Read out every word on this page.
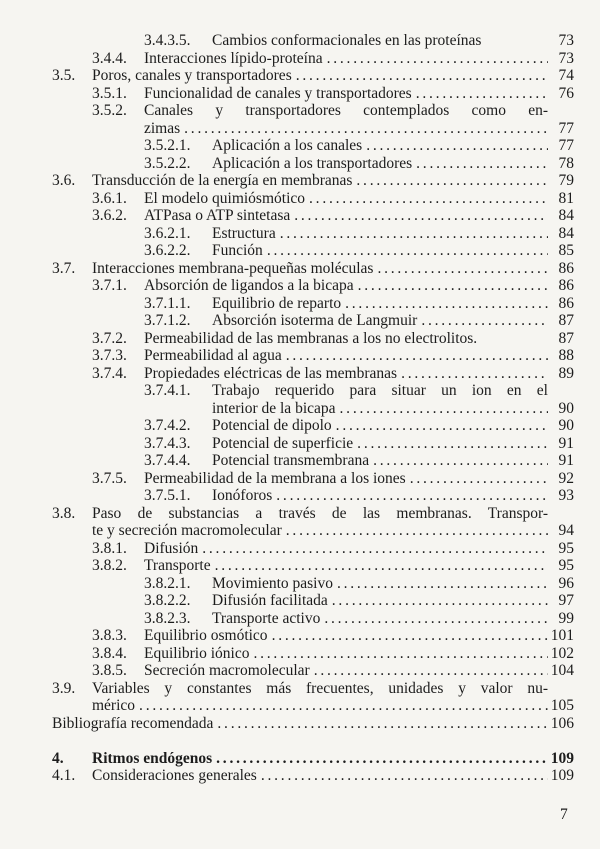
3.4.3.5. Cambios conformacionales en las proteínas	73
3.4.4. Interacciones lípido-proteína . . .	73
3.5. Poros, canales y transportadores . . .	74
3.5.1. Funcionalidad de canales y transportadores . . .	76
3.5.2. Canales y transportadores contemplados como en-
zimas . . .	77
3.5.2.1. Aplicación a los canales . . .	77
3.5.2.2. Aplicación a los transportadores . . .	78
3.6. Transducción de la energía en membranas . . .	79
3.6.1. El modelo quimiósmótico . . .	81
3.6.2. ATPasa o ATP sintetasa . . .	84
3.6.2.1. Estructura . . .	84
3.6.2.2. Función . . .	85
3.7. Interacciones membrana-pequeñas moléculas . . .	86
3.7.1. Absorción de ligandos a la bicapa . . .	86
3.7.1.1. Equilibrio de reparto . . .	86
3.7.1.2. Absorción isoterma de Langmuir . . .	87
3.7.2. Permeabilidad de las membranas a los no electrolitos.	87
3.7.3. Permeabilidad al agua . . .	88
3.7.4. Propiedades eléctricas de las membranas . . .	89
3.7.4.1. Trabajo requerido para situar un ion en el
interior de la bicapa . . .	90
3.7.4.2. Potencial de dipolo . . .	90
3.7.4.3. Potencial de superficie . . .	91
3.7.4.4. Potencial transmembrana . . .	91
3.7.5. Permeabilidad de la membrana a los iones . . .	92
3.7.5.1. Ionóforos . . .	93
3.8. Paso de substancias a través de las membranas. Transpor-
te y secreción macromolecular . . .	94
3.8.1. Difusión . . .	95
3.8.2. Transporte . . .	95
3.8.2.1. Movimiento pasivo . . .	96
3.8.2.2. Difusión facilitada . . .	97
3.8.2.3. Transporte activo . . .	99
3.8.3. Equilibrio osmótico . . .	101
3.8.4. Equilibrio iónico . . .	102
3.8.5. Secreción macromolecular . . .	104
3.9. Variables y constantes más frecuentes, unidades y valor nu-
mérico . . .	105
Bibliografía recomendada . . .	106
4. Ritmos endógenos . . .	109
4.1. Consideraciones generales . . .	109
7
